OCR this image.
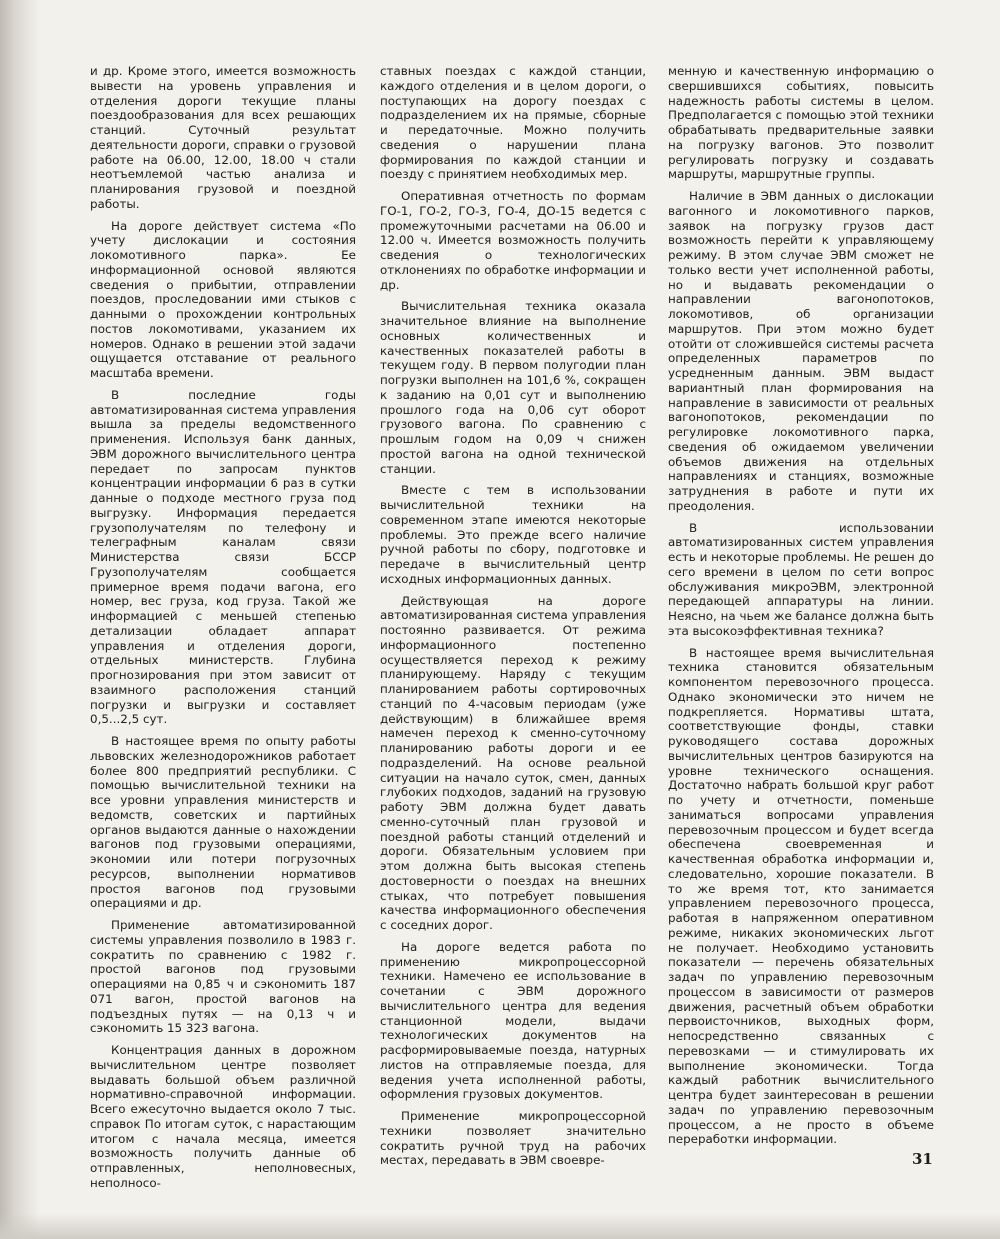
и др. Кроме этого, имеется возможность вывести на уровень управления и отделения дороги текущие планы поездообразования для всех решающих станций. Суточный результат деятельности дороги, справки о грузовой работе на 06.00, 12.00, 18.00 ч стали неотъемлемой частью анализа и планирования грузовой и поездной работы.

На дороге действует система «По учету дислокации и состояния локомотивного парка». Ее информационной основой являются сведения о прибытии, отправлении поездов, проследовании ими стыков с данными о прохождении контрольных постов локомотивами, указанием их номеров. Однако в решении этой задачи ощущается отставание от реального масштаба времени.

В последние годы автоматизированная система управления вышла за пределы ведомственного применения. Используя банк данных, ЭВМ дорожного вычислительного центра передает по запросам пунктов концентрации информации 6 раз в сутки данные о подходе местного груза под выгрузку. Информация передается грузополучателям по телефону и телеграфным каналам связи Министерства связи БССР Грузополучателям сообщается примерное время подачи вагона, его номер, вес груза, код груза. Такой же информацией с меньшей степенью детализации обладает аппарат управления и отделения дороги, отдельных министерств. Глубина прогнозирования при этом зависит от взаимного расположения станций погрузки и выгрузки и составляет 0,5...2,5 сут.

В настоящее время по опыту работы львовских железнодорожников работает более 800 предприятий республики. С помощью вычислительной техники на все уровни управления министерств и ведомств, советских и партийных органов выдаются данные о нахождении вагонов под грузовыми операциями, экономии или потери погрузочных ресурсов, выполнении нормативов простоя вагонов под грузовыми операциями и др.

Применение автоматизированной системы управления позволило в 1983 г. сократить по сравнению с 1982 г. простой вагонов под грузовыми операциями на 0,85 ч и сэкономить 187 071 вагон, простой вагонов на подъездных путях — на 0,13 ч и сэкономить 15 323 вагона.

Концентрация данных в дорожном вычислительном центре позволяет выдавать большой объем различной нормативно-справочной информации. Всего ежесуточно выдается около 7 тыс. справок По итогам суток, с нарастающим итогом с начала месяца, имеется возможность получить данные об отправленных, неполновесных, неполносо-

ставных поездах с каждой станции, каждого отделения и в целом дороги, о поступающих на дорогу поездах с подразделением их на прямые, сборные и передаточные. Можно получить сведения о нарушении плана формирования по каждой станции и поезду с принятием необходимых мер.

Оперативная отчетность по формам ГО-1, ГО-2, ГО-3, ГО-4, ДО-15 ведется с промежуточными расчетами на 06.00 и 12.00 ч. Имеется возможность получить сведения о технологических отклонениях по обработке информации и др.

Вычислительная техника оказала значительное влияние на выполнение основных количественных и качественных показателей работы в текущем году. В первом полугодии план погрузки выполнен на 101,6 %, сокращен к заданию на 0,01 сут и выполнению прошлого года на 0,06 сут оборот грузового вагона. По сравнению с прошлым годом на 0,09 ч снижен простой вагона на одной технической станции.

Вместе с тем в использовании вычислительной техники на современном этапе имеются некоторые проблемы. Это прежде всего наличие ручной работы по сбору, подготовке и передаче в вычислительный центр исходных информационных данных.

Действующая на дороге автоматизированная система управления постоянно развивается. От режима информационного постепенно осуществляется переход к режиму планирующему. Наряду с текущим планированием работы сортировочных станций по 4-часовым периодам (уже действующим) в ближайшее время намечен переход к сменно-суточному планированию работы дороги и ее подразделений. На основе реальной ситуации на начало суток, смен, данных глубоких подходов, заданий на грузовую работу ЭВМ должна будет давать сменно-суточный план грузовой и поездной работы станций отделений и дороги. Обязательным условием при этом должна быть высокая степень достоверности о поездах на внешних стыках, что потребует повышения качества информационного обеспечения с соседних дорог.

На дороге ведется работа по применению микропроцессорной техники. Намечено ее использование в сочетании с ЭВМ дорожного вычислительного центра для ведения станционной модели, выдачи технологических документов на расформировываемые поезда, натурных листов на отправляемые поезда, для ведения учета исполненной работы, оформления грузовых документов.

Применение микропроцессорной техники позволяет значительно сократить ручной труд на рабочих местах, передавать в ЭВМ своевре-

менную и качественную информацию о свершившихся событиях, повысить надежность работы системы в целом. Предполагается с помощью этой техники обрабатывать предварительные заявки на погрузку вагонов. Это позволит регулировать погрузку и создавать маршруты, маршрутные группы.

Наличие в ЭВМ данных о дислокации вагонного и локомотивного парков, заявок на погрузку грузов даст возможность перейти к управляющему режиму. В этом случае ЭВМ сможет не только вести учет исполненной работы, но и выдавать рекомендации о направлении вагонопотоков, локомотивов, об организации маршрутов. При этом можно будет отойти от сложившейся системы расчета определенных параметров по усредненным данным. ЭВМ выдаст вариантный план формирования на направление в зависимости от реальных вагонопотоков, рекомендации по регулировке локомотивного парка, сведения об ожидаемом увеличении объемов движения на отдельных направлениях и станциях, возможные затруднения в работе и пути их преодоления.

В использовании автоматизированных систем управления есть и некоторые проблемы. Не решен до сего времени в целом по сети вопрос обслуживания микроЭВМ, электронной передающей аппаратуры на линии. Неясно, на чьем же балансе должна быть эта высокоэффективная техника?

В настоящее время вычислительная техника становится обязательным компонентом перевозочного процесса. Однако экономически это ничем не подкрепляется. Нормативы штата, соответствующие фонды, ставки руководящего состава дорожных вычислительных центров базируются на уровне технического оснащения. Достаточно набрать большой круг работ по учету и отчетности, поменьше заниматься вопросами управления перевозочным процессом и будет всегда обеспечена своевременная и качественная обработка информации и, следовательно, хорошие показатели. В то же время тот, кто занимается управлением перевозочного процесса, работая в напряженном оперативном режиме, никаких экономических льгот не получает. Необходимо установить показатели — перечень обязательных задач по управлению перевозочным процессом в зависимости от размеров движения, расчетный объем обработки первоисточников, выходных форм, непосредственно связанных с перевозками — и стимулировать их выполнение экономически. Тогда каждый работник вычислительного центра будет заинтересован в решении задач по управлению перевозочным процессом, а не просто в объеме переработки информации.

31
